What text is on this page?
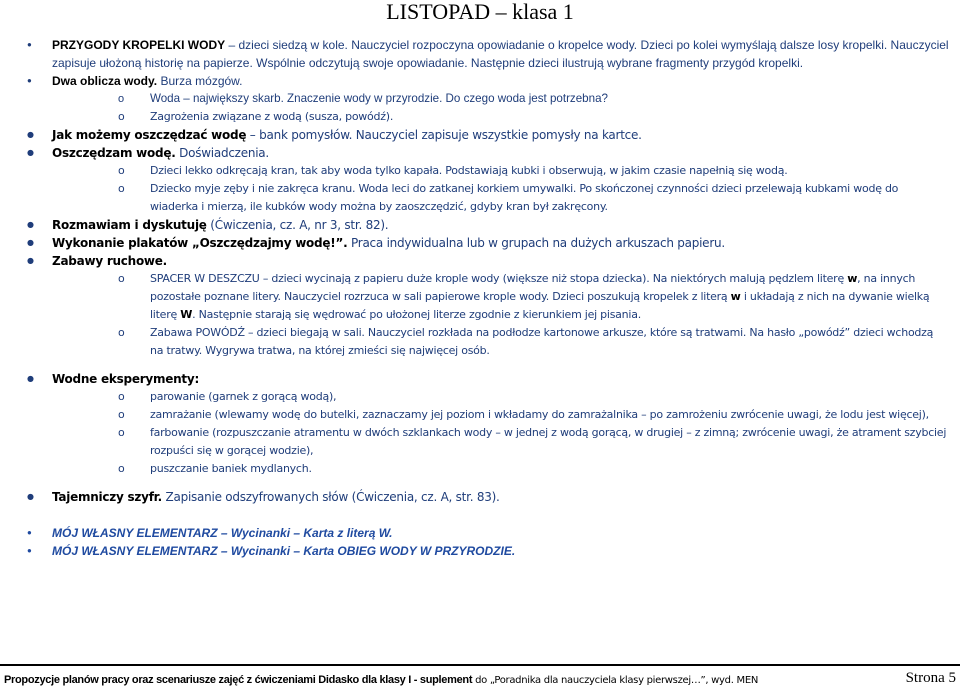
LISTOPAD – klasa 1
● PRZYGODY KROPELKI WODY – dzieci siedzą w kole. Nauczyciel rozpoczyna opowiadanie o kropelce wody. Dzieci po kolei wymyślają dalsze losy kropelki. Nauczyciel zapisuje ułożoną historię na papierze. Wspólnie odczytują swoje opowiadanie. Następnie dzieci ilustrują wybrane fragmenty przygód kropelki.
● Dwa oblicza wody. Burza mózgów.
o Woda – największy skarb. Znaczenie wody w przyrodzie. Do czego woda jest potrzebna?
o Zagrożenia związane z wodą (susza, powódź).
● Jak możemy oszczędzać wodę – bank pomysłów. Nauczyciel zapisuje wszystkie pomysły na kartce.
● Oszczędzam wodę. Doświadczenia.
o Dzieci lekko odkręcają kran, tak aby woda tylko kapała. Podstawiają kubki i obserwują, w jakim czasie napełnią się wodą.
o Dziecko myje zęby i nie zakręca kranu. Woda leci do zatkanej korkiem umywalki. Po skończonej czynności dzieci przelewają kubkami wodę do wiaderka i mierzą, ile kubków wody można by zaoszczędzić, gdyby kran był zakręcony.
● Rozmawiam i dyskutuję (Ćwiczenia, cz. A, nr 3, str. 82).
● Wykonanie plakatów „Oszczędzajmy wodę!”. Praca indywidualna lub w grupach na dużych arkuszach papieru.
● Zabawy ruchowe.
o SPACER W DESZCZU – dzieci wycinają z papieru duże krople wody (większe niż stopa dziecka). Na niektórych malują pędzlem literę w, na innych pozostałe poznane litery. Nauczyciel rozrzuca w sali papierowe krople wody. Dzieci poszukują kropelek z literą w i układają z nich na dywanie wielką literę W. Następnie starają się wędrować po ułożonej literze zgodnie z kierunkiem jej pisania.
o Zabawa POWÓDŹ – dzieci biegają w sali. Nauczyciel rozkłada na podłodze kartonowe arkusze, które są tratwami. Na hasło „powódź” dzieci wchodzą na tratwy. Wygrywa tratwa, na której zmieści się najwięcej osób.
● Wodne eksperymenty:
o parowanie (garnek z gorącą wodą),
o zamrażanie (wlewamy wodę do butelki, zaznaczamy jej poziom i wkładamy do zamrażalnika – po zamrożeniu zwrócenie uwagi, że lodu jest więcej),
o farbowanie (rozpuszczanie atramentu w dwóch szklankach wody – w jednej z wodą gorącą, w drugiej – z zimną; zwrócenie uwagi, że atrament szybciej rozpuści się w gorącej wodzie),
o puszczanie baniek mydlanych.
● Tajemniczy szyfr. Zapisanie odszyfrowanych słów (Ćwiczenia, cz. A, str. 83).
● MÓJ WŁASNY ELEMENTARZ – Wycinanki – Karta z literą W.
● MÓJ WŁASNY ELEMENTARZ – Wycinanki – Karta OBIEG WODY W PRZYRODZIE.
Propozycje planów pracy oraz scenariusze zajęć z ćwiczeniami Didasko dla klasy I - suplement do „Poradnika dla nauczyciela klasy pierwszej…”, wyd. MEN	Strona 5
